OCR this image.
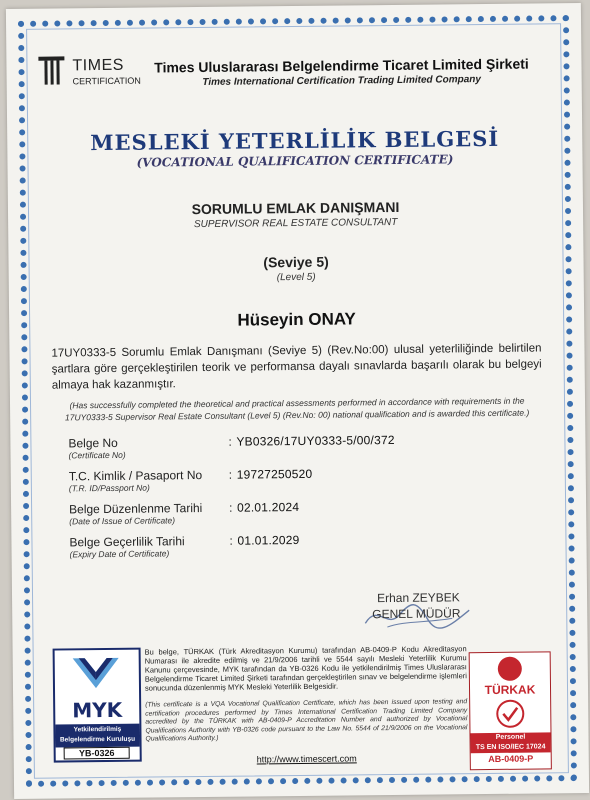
TIMES
CERTIFICATION
Times Uluslararası Belgelendirme Ticaret Limited Şirketi
Times International Certification Trading Limited Company
MESLEKİ YETERLİLİK BELGESİ
(VOCATIONAL QUALIFICATION CERTIFICATE)
SORUMLU EMLAK DANIŞMANI
SUPERVISOR REAL ESTATE CONSULTANT
(Seviye 5)
(Level 5)
Hüseyin ONAY
17UY0333-5 Sorumlu Emlak Danışmanı (Seviye 5) (Rev.No:00) ulusal yeterliliğinde belirtilen şartlara göre gerçekleştirilen teorik ve performansa dayalı sınavlarda başarılı olarak bu belgeyi almaya hak kazanmıştır.
(Has successfully completed the theoretical and practical assessments performed in accordance with requirements in the 17UY0333-5 Supervisor Real Estate Consultant (Level 5) (Rev.No: 00) national qualification and is awarded this certificate.)
Belge No
(Certificate No)
: YB0326/17UY0333-5/00/372
T.C. Kimlik / Pasaport No
(T.R. ID/Passport No)
: 19727250520
Belge Düzenlenme Tarihi
(Date of Issue of Certificate)
: 02.01.2024
Belge Geçerlilik Tarihi
(Expiry Date of Certificate)
: 01.01.2029
Erhan ZEYBEK
GENEL MÜDÜR
MYK
Yetkilendirilmiş Belgelendirme Kuruluşu
YB-0326
Bu belge, TÜRKAK (Türk Akreditasyon Kurumu) tarafından AB-0409-P Kodu Akreditasyon Numarası ile akredite edilmiş ve 21/9/2006 tarihli ve 5544 sayılı Mesleki Yeterlilik Kurumu Kanunu çerçevesinde, MYK tarafından da YB-0326 Kodu ile yetkilendirilmiş Times Uluslararası Belgelendirme Ticaret Limited Şirketi tarafından gerçekleştirilen sınav ve belgelendirme işlemleri sonucunda düzenlenmiş MYK Mesleki Yeterlilik Belgesidir.
(This certificate is a VQA Vocational Qualification Certificate, which has been issued upon testing and certification procedures performed by Times International Certification Trading Limited Company accredited by the TÜRKAK with AB-0409-P Accreditation Number and authorized by Vocational Qualifications Authority with YB-0326 code pursuant to the Law No. 5544 of 21/9/2006 on the Vocational Qualifications Authority.)
http://www.timescert.com
TÜRKAK
Personel
TS EN ISO/IEC 17024
AB-0409-P
